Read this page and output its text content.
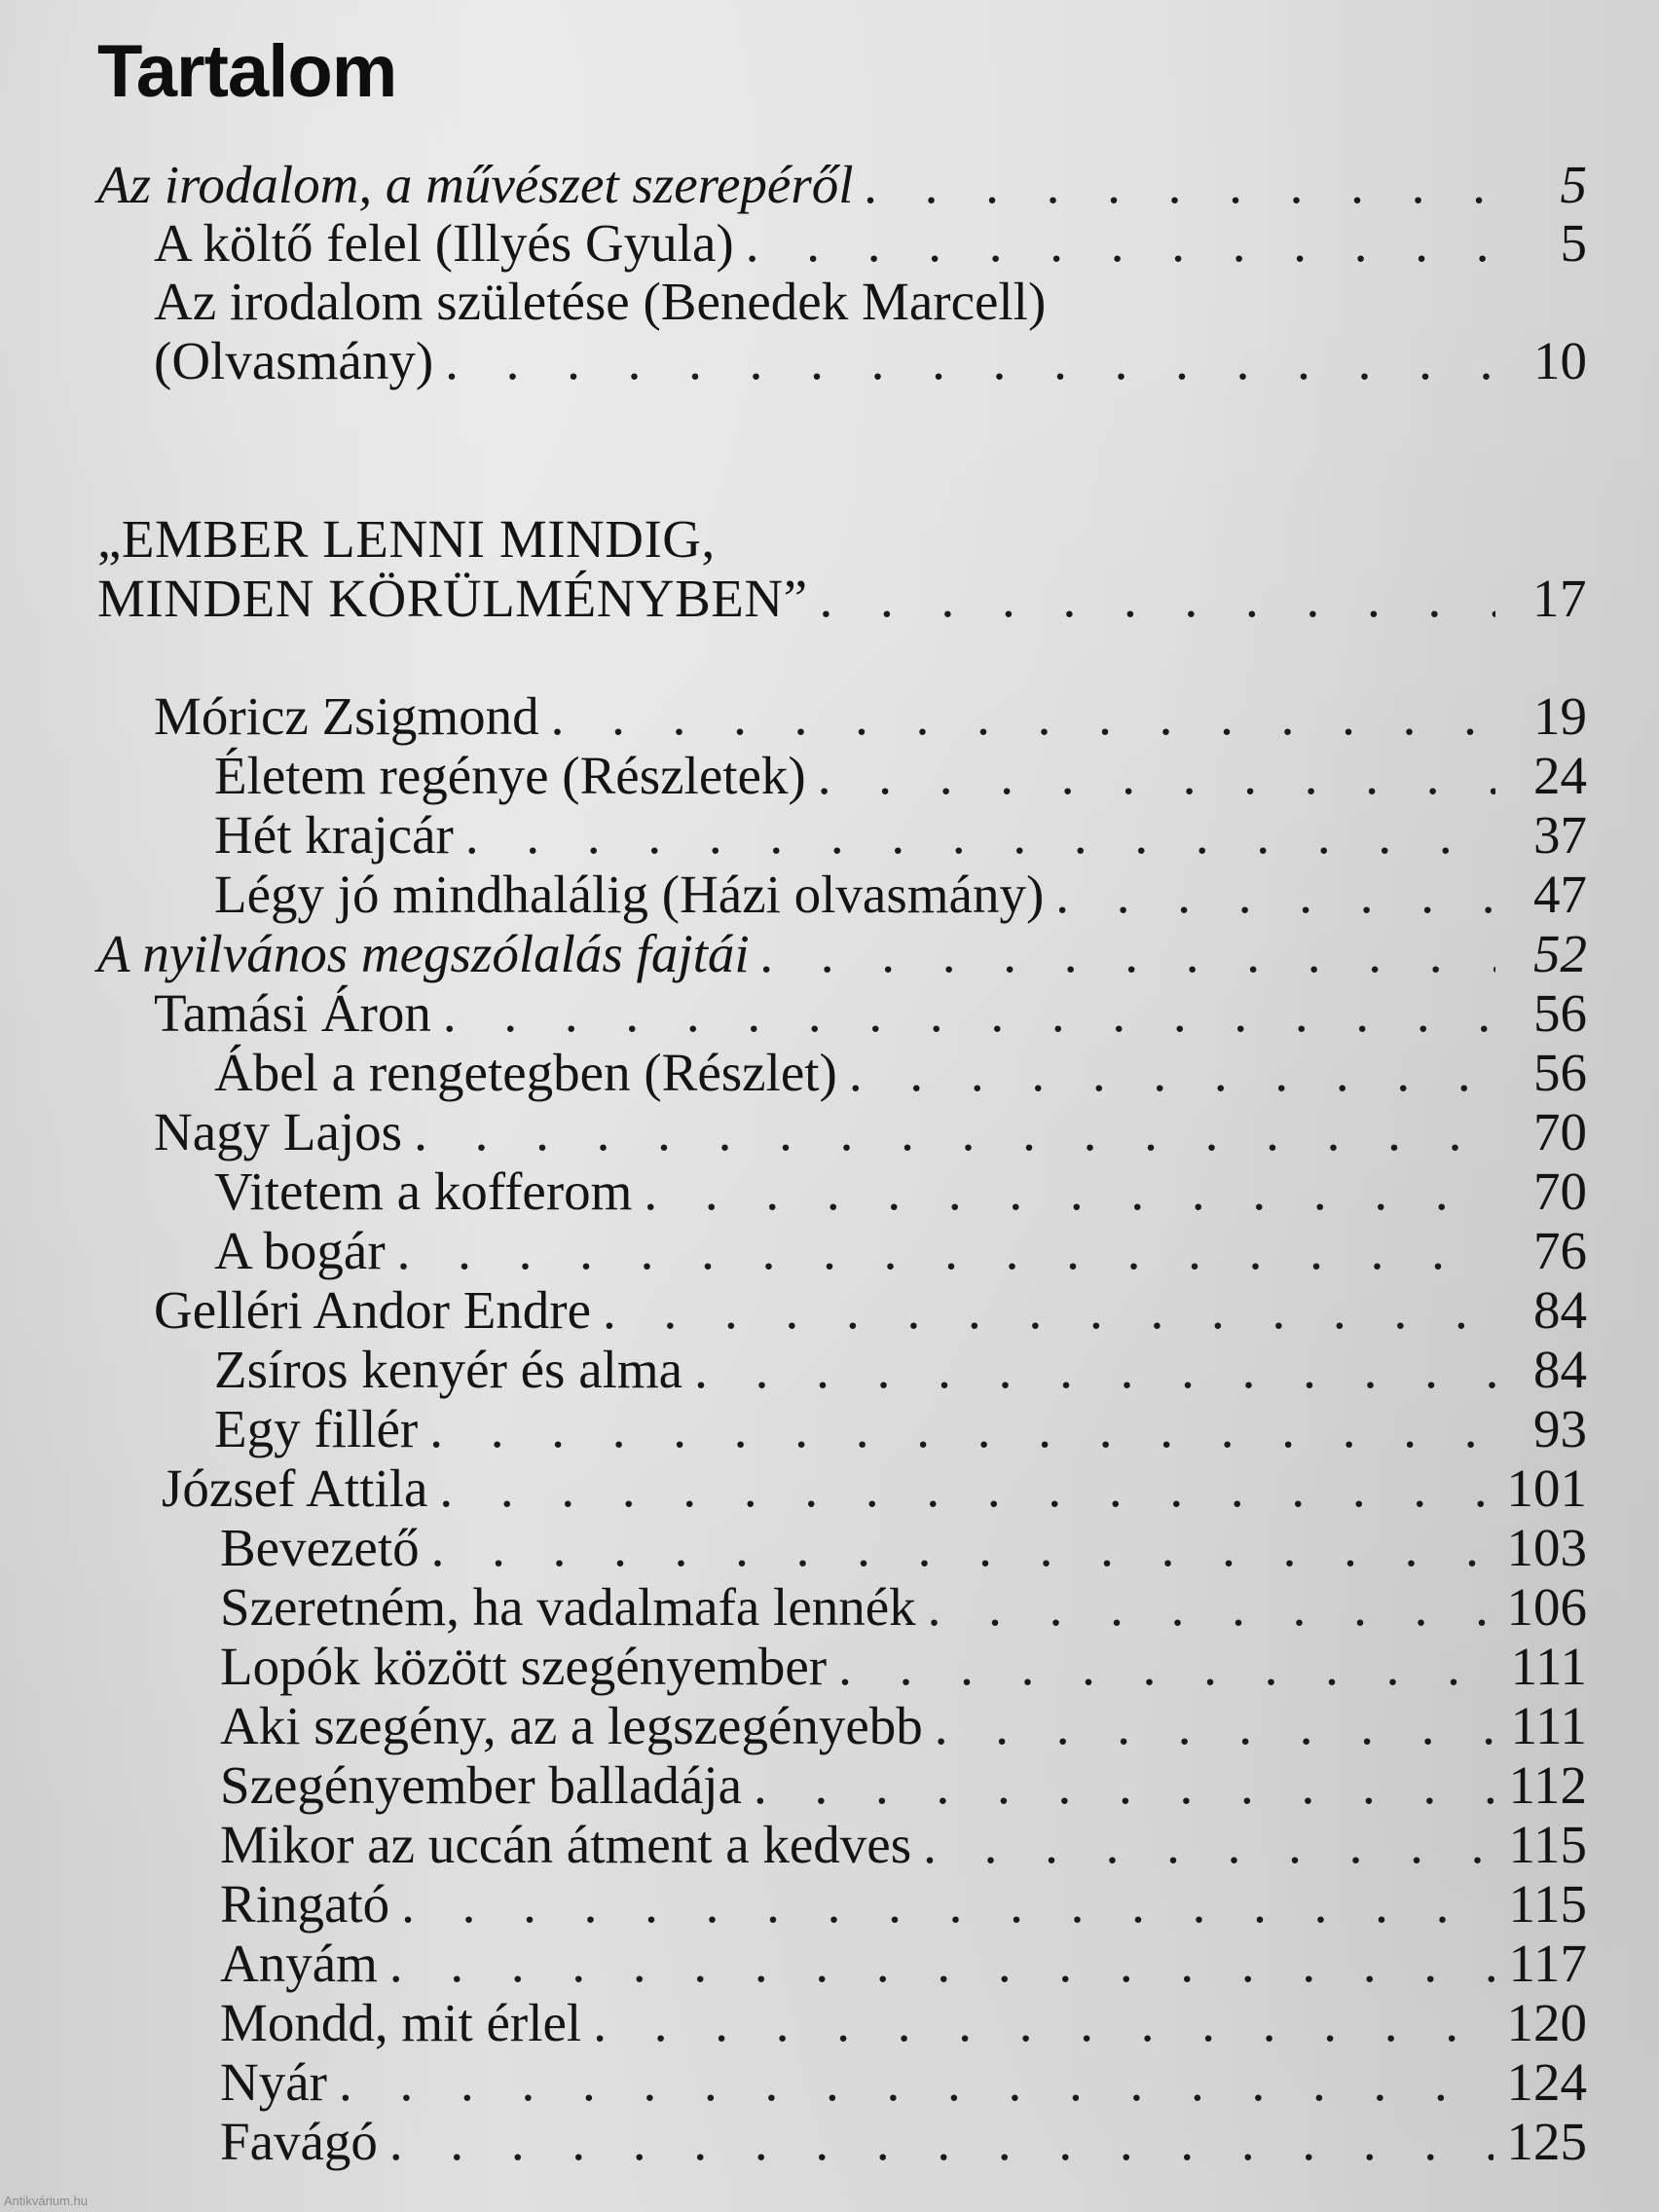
Tartalom
Az irodalom, a művészet szerepéről . . .	5
A költő felel (Illyés Gyula) . . .	5
Az irodalom születése (Benedek Marcell)
(Olvasmány) . . .	10
„EMBER LENNI MINDIG,
MINDEN KÖRÜLMÉNYBEN” . . .	17
Móricz Zsigmond . . .	19
Életem regénye (Részletek) . . .	24
Hét krajcár . . .	37
Légy jó mindhalálig (Házi olvasmány) . . .	47
A nyilvános megszólalás fajtái . . .	52
Tamási Áron . . .	56
Ábel a rengetegben (Részlet) . . .	56
Nagy Lajos . . .	70
Vitetem a kofferom . . .	70
A bogár . . .	76
Gelléri Andor Endre . . .	84
Zsíros kenyér és alma . . .	84
Egy fillér . . .	93
József Attila . . .	101
Bevezető . . .	103
Szeretném, ha vadalmafa lennék . . .	106
Lopók között szegényember . . .	111
Aki szegény, az a legszegényebb . . .	111
Szegényember balladája . . .	112
Mikor az uccán átment a kedves . . .	115
Ringató . . .	115
Anyám . . .	117
Mondd, mit érlel . . .	120
Nyár . . .	124
Favágó . . .	125
Antikvárium.hu
